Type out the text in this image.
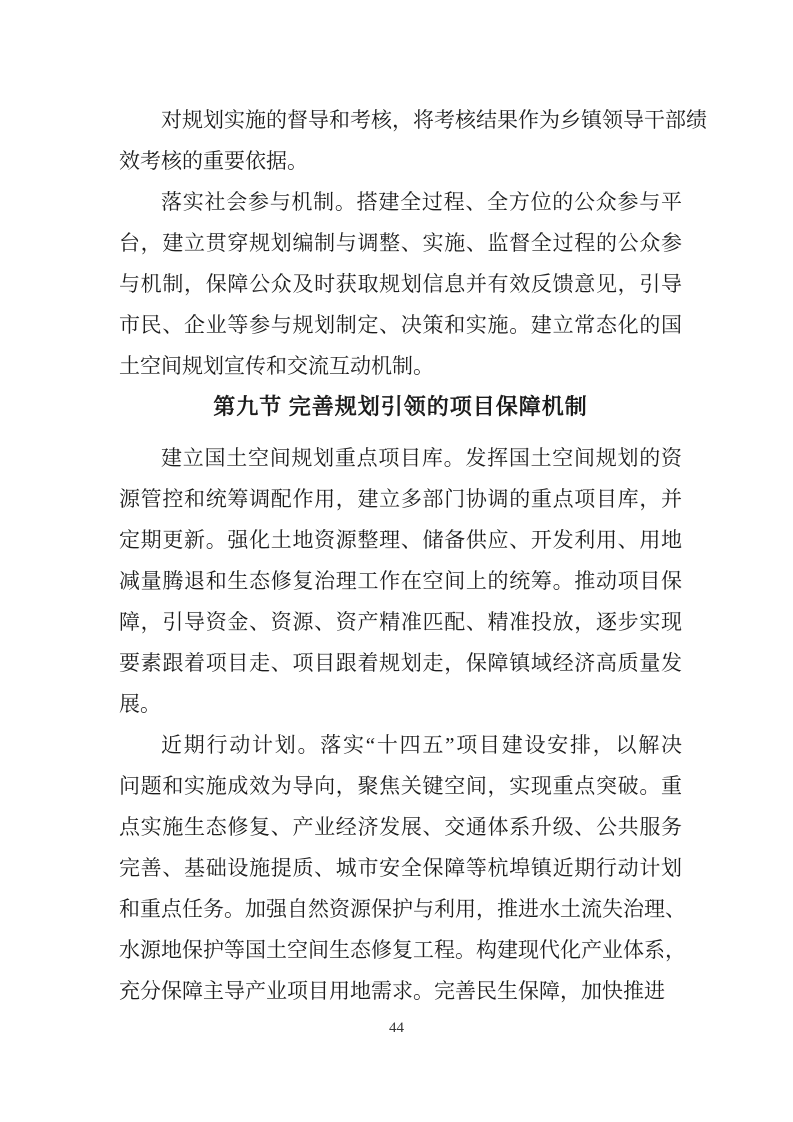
对规划实施的督导和考核，将考核结果作为乡镇领导干部绩
效考核的重要依据。
落实社会参与机制。搭建全过程、全方位的公众参与平
台，建立贯穿规划编制与调整、实施、监督全过程的公众参
与机制，保障公众及时获取规划信息并有效反馈意见，引导
市民、企业等参与规划制定、决策和实施。建立常态化的国
土空间规划宣传和交流互动机制。
第九节 完善规划引领的项目保障机制
建立国土空间规划重点项目库。发挥国土空间规划的资
源管控和统筹调配作用，建立多部门协调的重点项目库，并
定期更新。强化土地资源整理、储备供应、开发利用、用地
减量腾退和生态修复治理工作在空间上的统筹。推动项目保
障，引导资金、资源、资产精准匹配、精准投放，逐步实现
要素跟着项目走、项目跟着规划走，保障镇域经济高质量发
展。
近期行动计划。落实“十四五”项目建设安排，以解决
问题和实施成效为导向，聚焦关键空间，实现重点突破。重
点实施生态修复、产业经济发展、交通体系升级、公共服务
完善、基础设施提质、城市安全保障等杭埠镇近期行动计划
和重点任务。加强自然资源保护与利用，推进水土流失治理、
水源地保护等国土空间生态修复工程。构建现代化产业体系，
充分保障主导产业项目用地需求。完善民生保障，加快推进
44
